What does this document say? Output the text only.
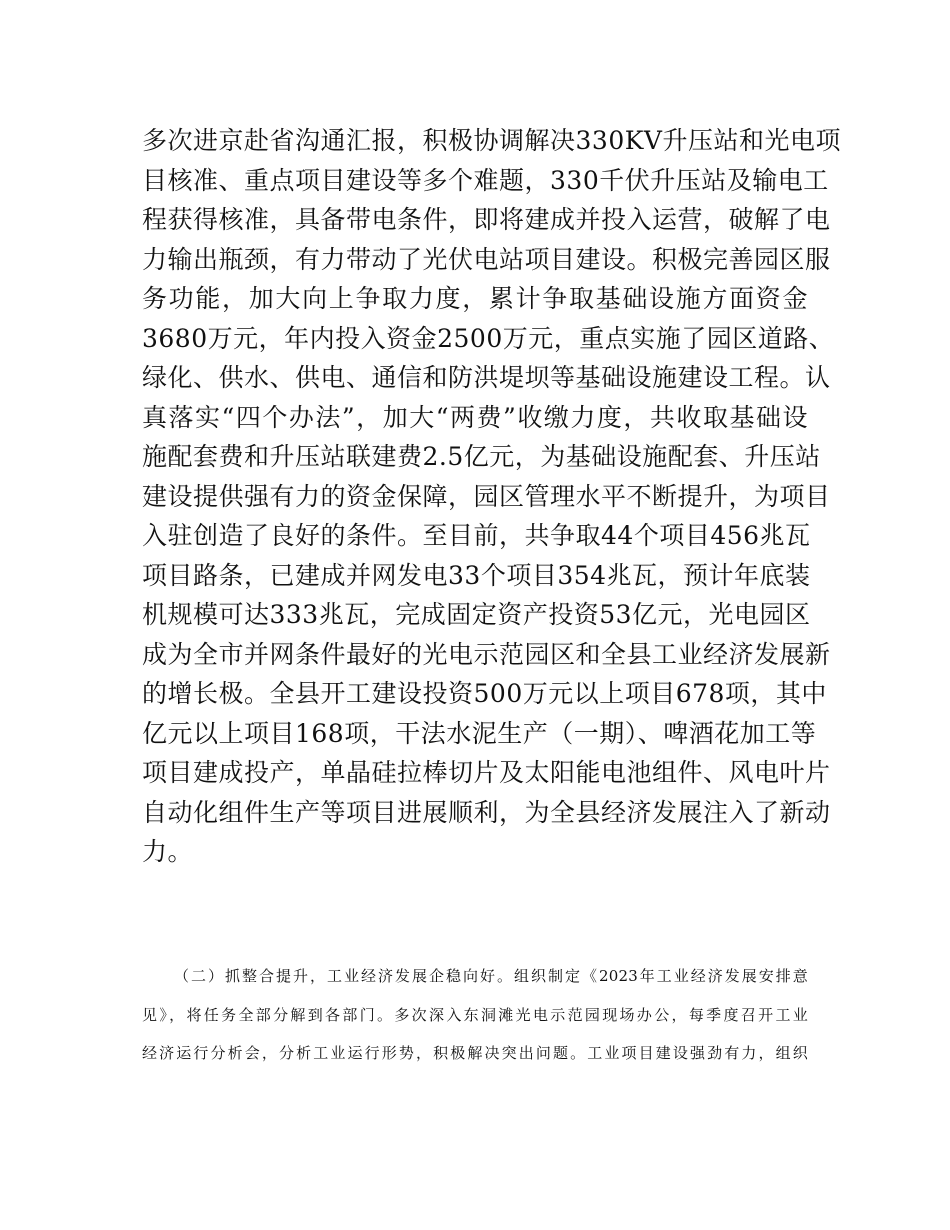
多次进京赴省沟通汇报，积极协调解决330KV升压站和光电项
目核准、重点项目建设等多个难题，330千伏升压站及输电工
程获得核准，具备带电条件，即将建成并投入运营，破解了电
力输出瓶颈，有力带动了光伏电站项目建设。积极完善园区服
务功能，加大向上争取力度，累计争取基础设施方面资金
3680万元，年内投入资金2500万元，重点实施了园区道路、
绿化、供水、供电、通信和防洪堤坝等基础设施建设工程。认
真落实“四个办法”，加大“两费”收缴力度，共收取基础设
施配套费和升压站联建费2.5亿元，为基础设施配套、升压站
建设提供强有力的资金保障，园区管理水平不断提升，为项目
入驻创造了良好的条件。至目前，共争取44个项目456兆瓦
项目路条，已建成并网发电33个项目354兆瓦，预计年底装
机规模可达333兆瓦，完成固定资产投资53亿元，光电园区
成为全市并网条件最好的光电示范园区和全县工业经济发展新
的增长极。全县开工建设投资500万元以上项目678项，其中
亿元以上项目168项，干法水泥生产（一期）、啤酒花加工等
项目建成投产，单晶硅拉棒切片及太阳能电池组件、风电叶片
自动化组件生产等项目进展顺利，为全县经济发展注入了新动
力。
（二）抓整合提升，工业经济发展企稳向好。组织制定《2023年工业经济发展安排意
见》，将任务全部分解到各部门。多次深入东洞滩光电示范园现场办公，每季度召开工业
经济运行分析会，分析工业运行形势，积极解决突出问题。工业项目建设强劲有力，组织
